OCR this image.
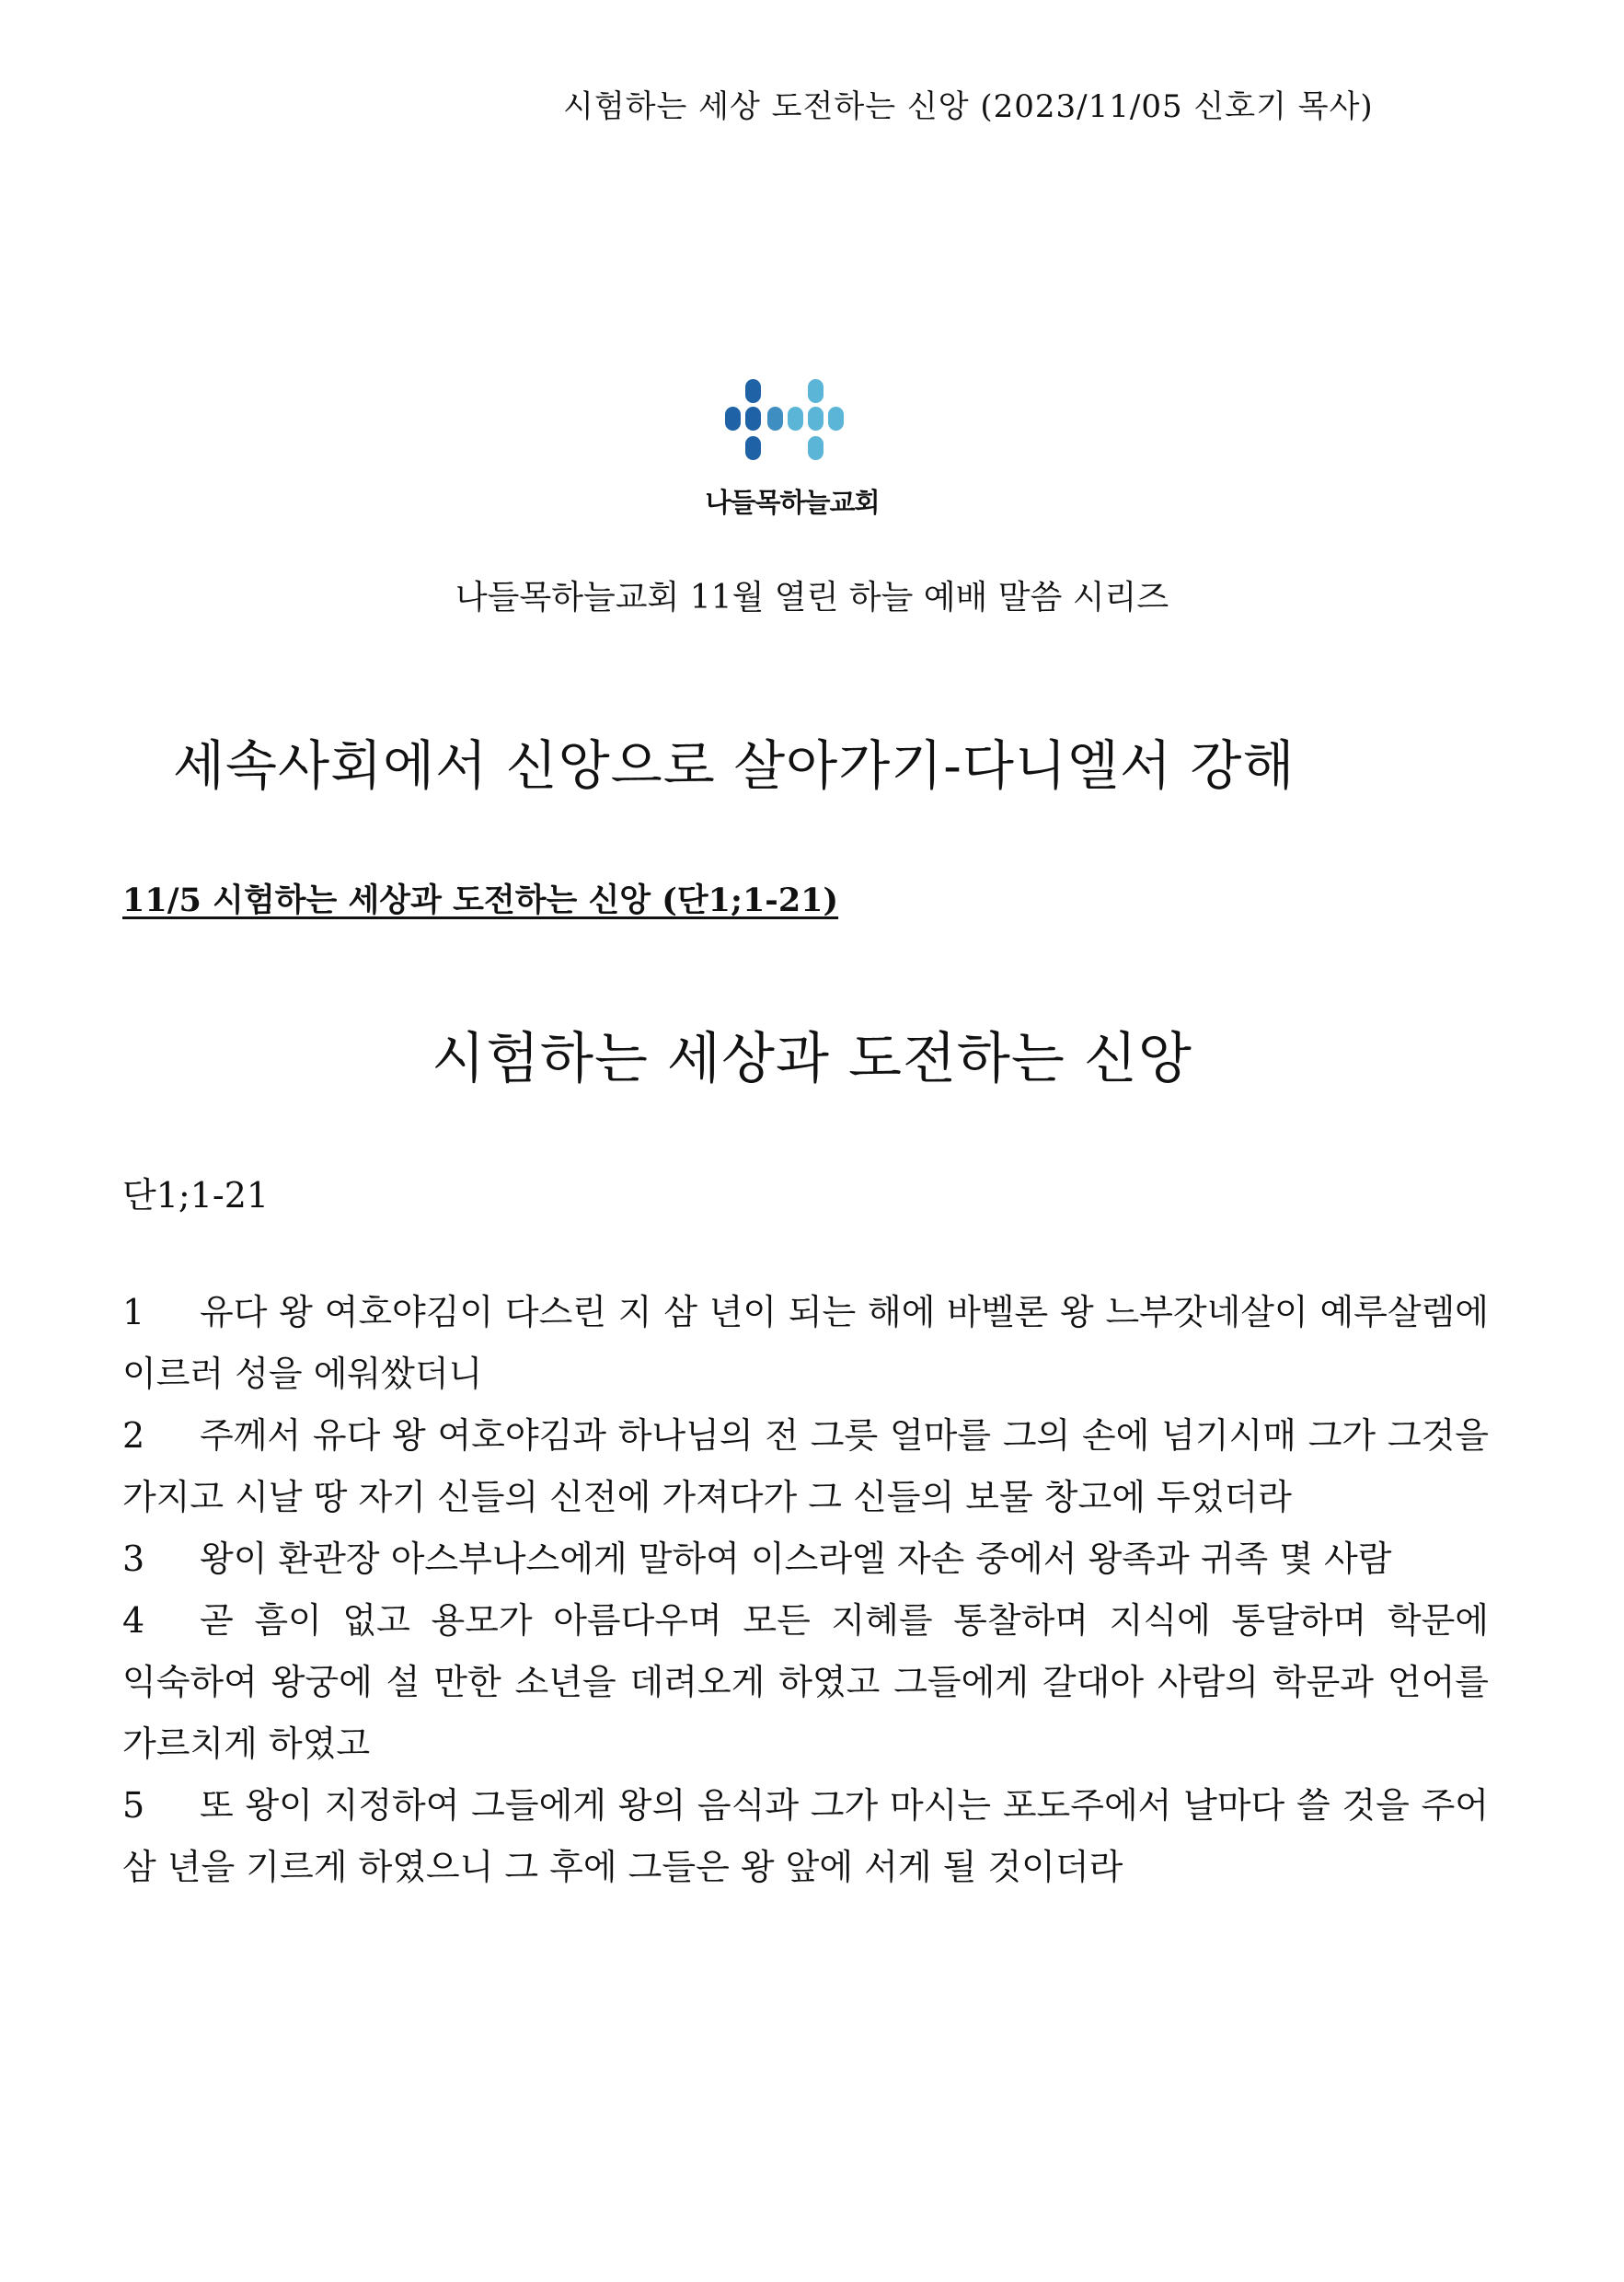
시험하는 세상 도전하는 신앙 (2023/11/05 신호기 목사)
나들목하늘교회
나들목하늘교회 11월 열린 하늘 예배 말씀 시리즈
세속사회에서 신앙으로 살아가기-다니엘서 강해
11/5 시험하는 세상과 도전하는 신앙 (단1;1-21)
시험하는 세상과 도전하는 신앙
단1;1-21

1 유다 왕 여호야김이 다스린 지 삼 년이 되는 해에 바벨론 왕 느부갓네살이 예루살렘에 이르러 성을 에워쌌더니

2 주께서 유다 왕 여호야김과 하나님의 전 그릇 얼마를 그의 손에 넘기시매 그가 그것을 가지고 시날 땅 자기 신들의 신전에 가져다가 그 신들의 보물 창고에 두었더라

3 왕이 환관장 아스부나스에게 말하여 이스라엘 자손 중에서 왕족과 귀족 몇 사람

4 곧 흠이 없고 용모가 아름다우며 모든 지혜를 통찰하며 지식에 통달하며 학문에 익숙하여 왕궁에 설 만한 소년을 데려오게 하였고 그들에게 갈대아 사람의 학문과 언어를 가르치게 하였고

5 또 왕이 지정하여 그들에게 왕의 음식과 그가 마시는 포도주에서 날마다 쓸 것을 주어 삼 년을 기르게 하였으니 그 후에 그들은 왕 앞에 서게 될 것이더라
